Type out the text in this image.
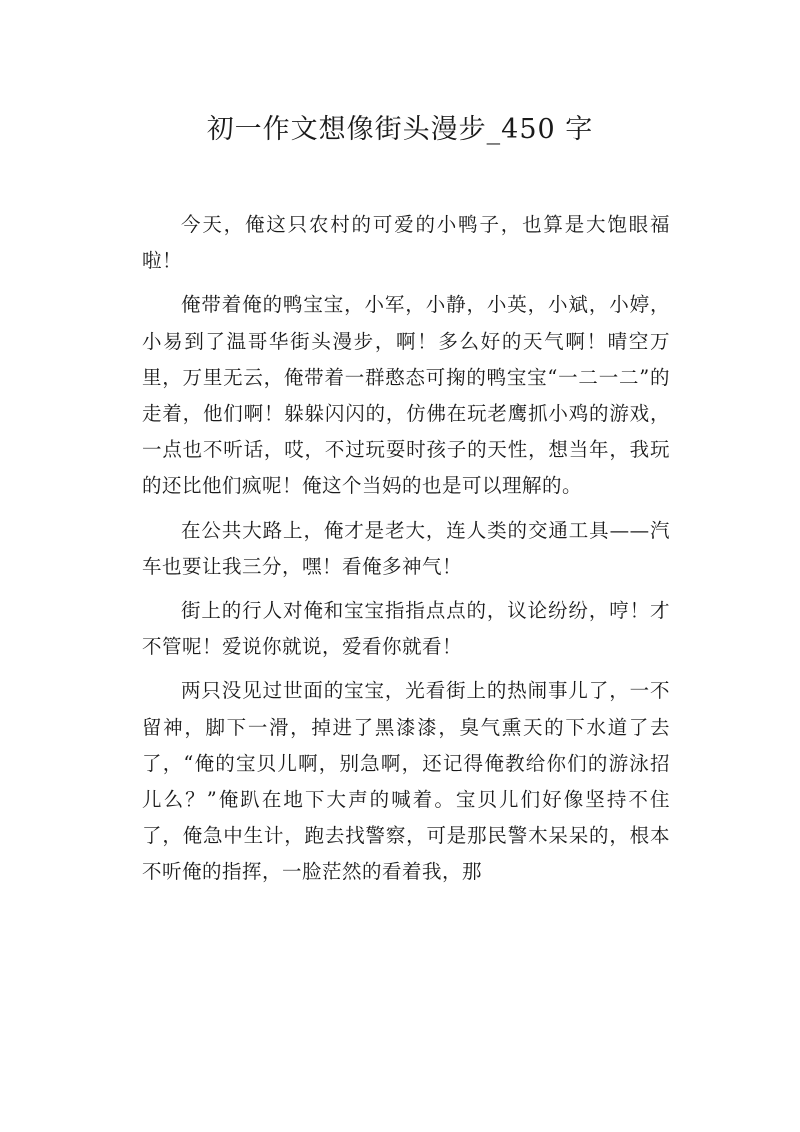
初一作文想像街头漫步_450 字

今天，俺这只农村的可爱的小鸭子，也算是大饱眼福啦！

俺带着俺的鸭宝宝，小军，小静，小英，小斌，小婷，小易到了温哥华街头漫步，啊！多么好的天气啊！晴空万里，万里无云，俺带着一群憨态可掬的鸭宝宝“一二一二”的走着，他们啊！躲躲闪闪的，仿佛在玩老鹰抓小鸡的游戏，一点也不听话，哎，不过玩耍时孩子的天性，想当年，我玩的还比他们疯呢！俺这个当妈的也是可以理解的。

在公共大路上，俺才是老大，连人类的交通工具——汽车也要让我三分，嘿！看俺多神气！

街上的行人对俺和宝宝指指点点的，议论纷纷，哼！才不管呢！爱说你就说，爱看你就看！

两只没见过世面的宝宝，光看街上的热闹事儿了，一不留神，脚下一滑，掉进了黑漆漆，臭气熏天的下水道了去了，“俺的宝贝儿啊，别急啊，还记得俺教给你们的游泳招儿么？”俺趴在地下大声的喊着。宝贝儿们好像坚持不住了，俺急中生计，跑去找警察，可是那民警木呆呆的，根本不听俺的指挥，一脸茫然的看着我，那
